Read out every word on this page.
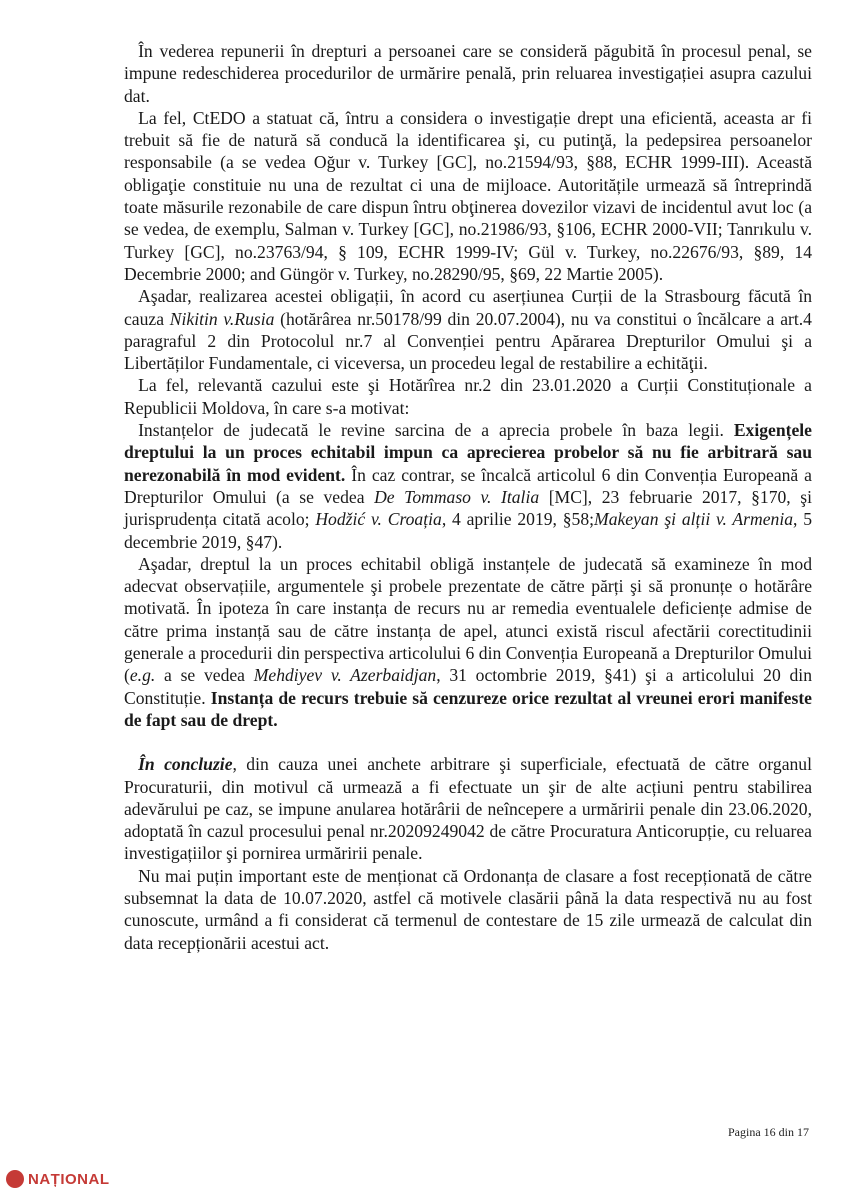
În vederea repunerii în drepturi a persoanei care se consideră păgubită în procesul penal, se impune redeschiderea procedurilor de urmărire penală, prin reluarea investigației asupra cazului dat.

La fel, CtEDO a statuat că, întru a considera o investigație drept una eficientă, aceasta ar fi trebuit să fie de natură să conducă la identificarea şi, cu putinţă, la pedepsirea persoanelor responsabile (a se vedea Oğur v. Turkey [GC], no.21594/93, §88, ECHR 1999-III). Această obligaţie constituie nu una de rezultat ci una de mijloace. Autoritățile urmează să întreprindă toate măsurile rezonabile de care dispun întru obţinerea dovezilor vizavi de incidentul avut loc (a se vedea, de exemplu, Salman v. Turkey [GC], no.21986/93, §106, ECHR 2000-VII; Tanrıkulu v. Turkey [GC], no.23763/94, § 109, ECHR 1999-IV; Gül v. Turkey, no.22676/93, §89, 14 Decembrie 2000; and Güngör v. Turkey, no.28290/95, §69, 22 Martie 2005).

Aşadar, realizarea acestei obligații, în acord cu aserțiunea Curții de la Strasbourg făcută în cauza Nikitin v.Rusia (hotărârea nr.50178/99 din 20.07.2004), nu va constitui o încălcare a art.4 paragraful 2 din Protocolul nr.7 al Convenției pentru Apărarea Drepturilor Omului şi a Libertăților Fundamentale, ci viceversa, un procedeu legal de restabilire a echităţii.

La fel, relevantă cazului este şi Hotărîrea nr.2 din 23.01.2020 a Curții Constituționale a Republicii Moldova, în care s-a motivat:

Instanțelor de judecată le revine sarcina de a aprecia probele în baza legii. Exigențele dreptului la un proces echitabil impun ca aprecierea probelor să nu fie arbitrară sau nerezonabilă în mod evident. În caz contrar, se încalcă articolul 6 din Convenția Europeană a Drepturilor Omului (a se vedea De Tommaso v. Italia [MC], 23 februarie 2017, §170, şi jurisprudența citată acolo; Hodžić v. Croația, 4 aprilie 2019, §58;Makeyan şi alții v. Armenia, 5 decembrie 2019, §47).

Aşadar, dreptul la un proces echitabil obligă instanțele de judecată să examineze în mod adecvat observațiile, argumentele şi probele prezentate de către părți şi să pronunțe o hotărâre motivată. În ipoteza în care instanța de recurs nu ar remedia eventualele deficiențe admise de către prima instanță sau de către instanța de apel, atunci există riscul afectării corectitudinii generale a procedurii din perspectiva articolului 6 din Convenția Europeană a Drepturilor Omului (e.g. a se vedea Mehdiyev v. Azerbaidjan, 31 octombrie 2019, §41) şi a articolului 20 din Constituție. Instanța de recurs trebuie să cenzureze orice rezultat al vreunei erori manifeste de fapt sau de drept.

În concluzie, din cauza unei anchete arbitrare şi superficiale, efectuată de către organul Procuraturii, din motivul că urmează a fi efectuate un şir de alte acțiuni pentru stabilirea adevărului pe caz, se impune anularea hotărârii de neîncepere a urmăririi penale din 23.06.2020, adoptată în cazul procesului penal nr.20209249042 de către Procuratura Anticorupție, cu reluarea investigațiilor şi pornirea urmăririi penale.

Nu mai puțin important este de menționat că Ordonanța de clasare a fost recepționată de către subsemnat la data de 10.07.2020, astfel că motivele clasării până la data respectivă nu au fost cunoscute, urmând a fi considerat că termenul de contestare de 15 zile urmează de calculat din data recepționării acestui act.

Pagina 16 din 17
NAȚIONAL
